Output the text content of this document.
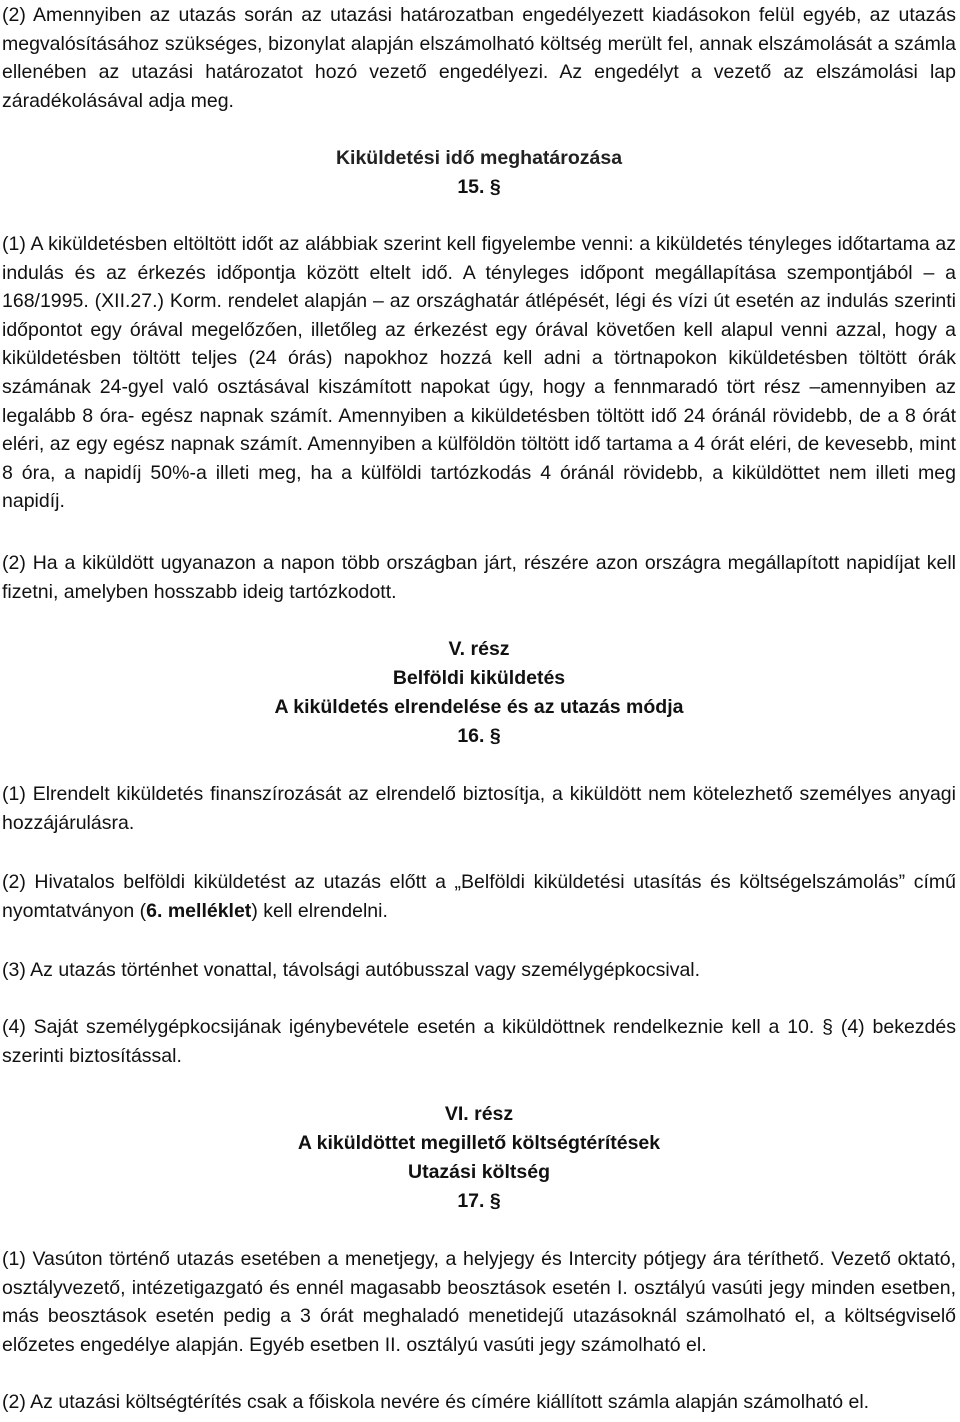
(2) Amennyiben az utazás során az utazási határozatban engedélyezett kiadásokon felül egyéb, az utazás megvalósításához szükséges, bizonylat alapján elszámolható költség merült fel, annak elszámolását a számla ellenében az utazási határozatot hozó vezető engedélyezi. Az engedélyt a vezető az elszámolási lap záradékolásával adja meg.

Kiküldetési idő meghatározása

15. §

(1) A kiküldetésben eltöltött időt az alábbiak szerint kell figyelembe venni: a kiküldetés tényleges időtartama az indulás és az érkezés időpontja között eltelt idő. A tényleges időpont megállapítása szempontjából – a 168/1995. (XII.27.) Korm. rendelet alapján – az országhatár átlépését, légi és vízi út esetén az indulás szerinti időpontot egy órával megelőzően, illetőleg az érkezést egy órával követően kell alapul venni azzal, hogy a kiküldetésben töltött teljes (24 órás) napokhoz hozzá kell adni a törtnapokon kiküldetésben töltött órák számának 24-gyel való osztásával kiszámított napokat úgy, hogy a fennmaradó tört rész –amennyiben az legalább 8 óra- egész napnak számít. Amennyiben a kiküldetésben töltött idő 24 óránál rövidebb, de a 8 órát eléri, az egy egész napnak számít. Amennyiben a külföldön töltött idő tartama a 4 órát eléri, de kevesebb, mint 8 óra, a napidíj 50%-a illeti meg, ha a külföldi tartózkodás 4 óránál rövidebb, a kiküldöttet nem illeti meg napidíj.

(2) Ha a kiküldött ugyanazon a napon több országban járt, részére azon országra megállapított napidíjat kell fizetni, amelyben hosszabb ideig tartózkodott.

V. rész

Belföldi kiküldetés

A kiküldetés elrendelése és az utazás módja

16. §

(1) Elrendelt kiküldetés finanszírozását az elrendelő biztosítja, a kiküldött nem kötelezhető személyes anyagi hozzájárulásra.

(2) Hivatalos belföldi kiküldetést az utazás előtt a „Belföldi kiküldetési utasítás és költségelszámolás” című nyomtatványon (6. melléklet) kell elrendelni.

(3) Az utazás történhet vonattal, távolsági autóbusszal vagy személygépkocsival.

(4) Saját személygépkocsijának igénybevétele esetén a kiküldöttnek rendelkeznie kell a 10. § (4) bekezdés szerinti biztosítással.

VI. rész

A kiküldöttet megillető költségtérítések

Utazási költség

17. §

(1) Vasúton történő utazás esetében a menetjegy, a helyjegy és Intercity pótjegy ára téríthető. Vezető oktató, osztályvezető, intézetigazgató és ennél magasabb beosztások esetén I. osztályú vasúti jegy minden esetben, más beosztások esetén pedig a 3 órát meghaladó menetidejű utazásoknál számolható el, a költségviselő előzetes engedélye alapján. Egyéb esetben II. osztályú vasúti jegy számolható el.

(2) Az utazási költségtérítés csak a főiskola nevére és címére kiállított számla alapján számolható el.
